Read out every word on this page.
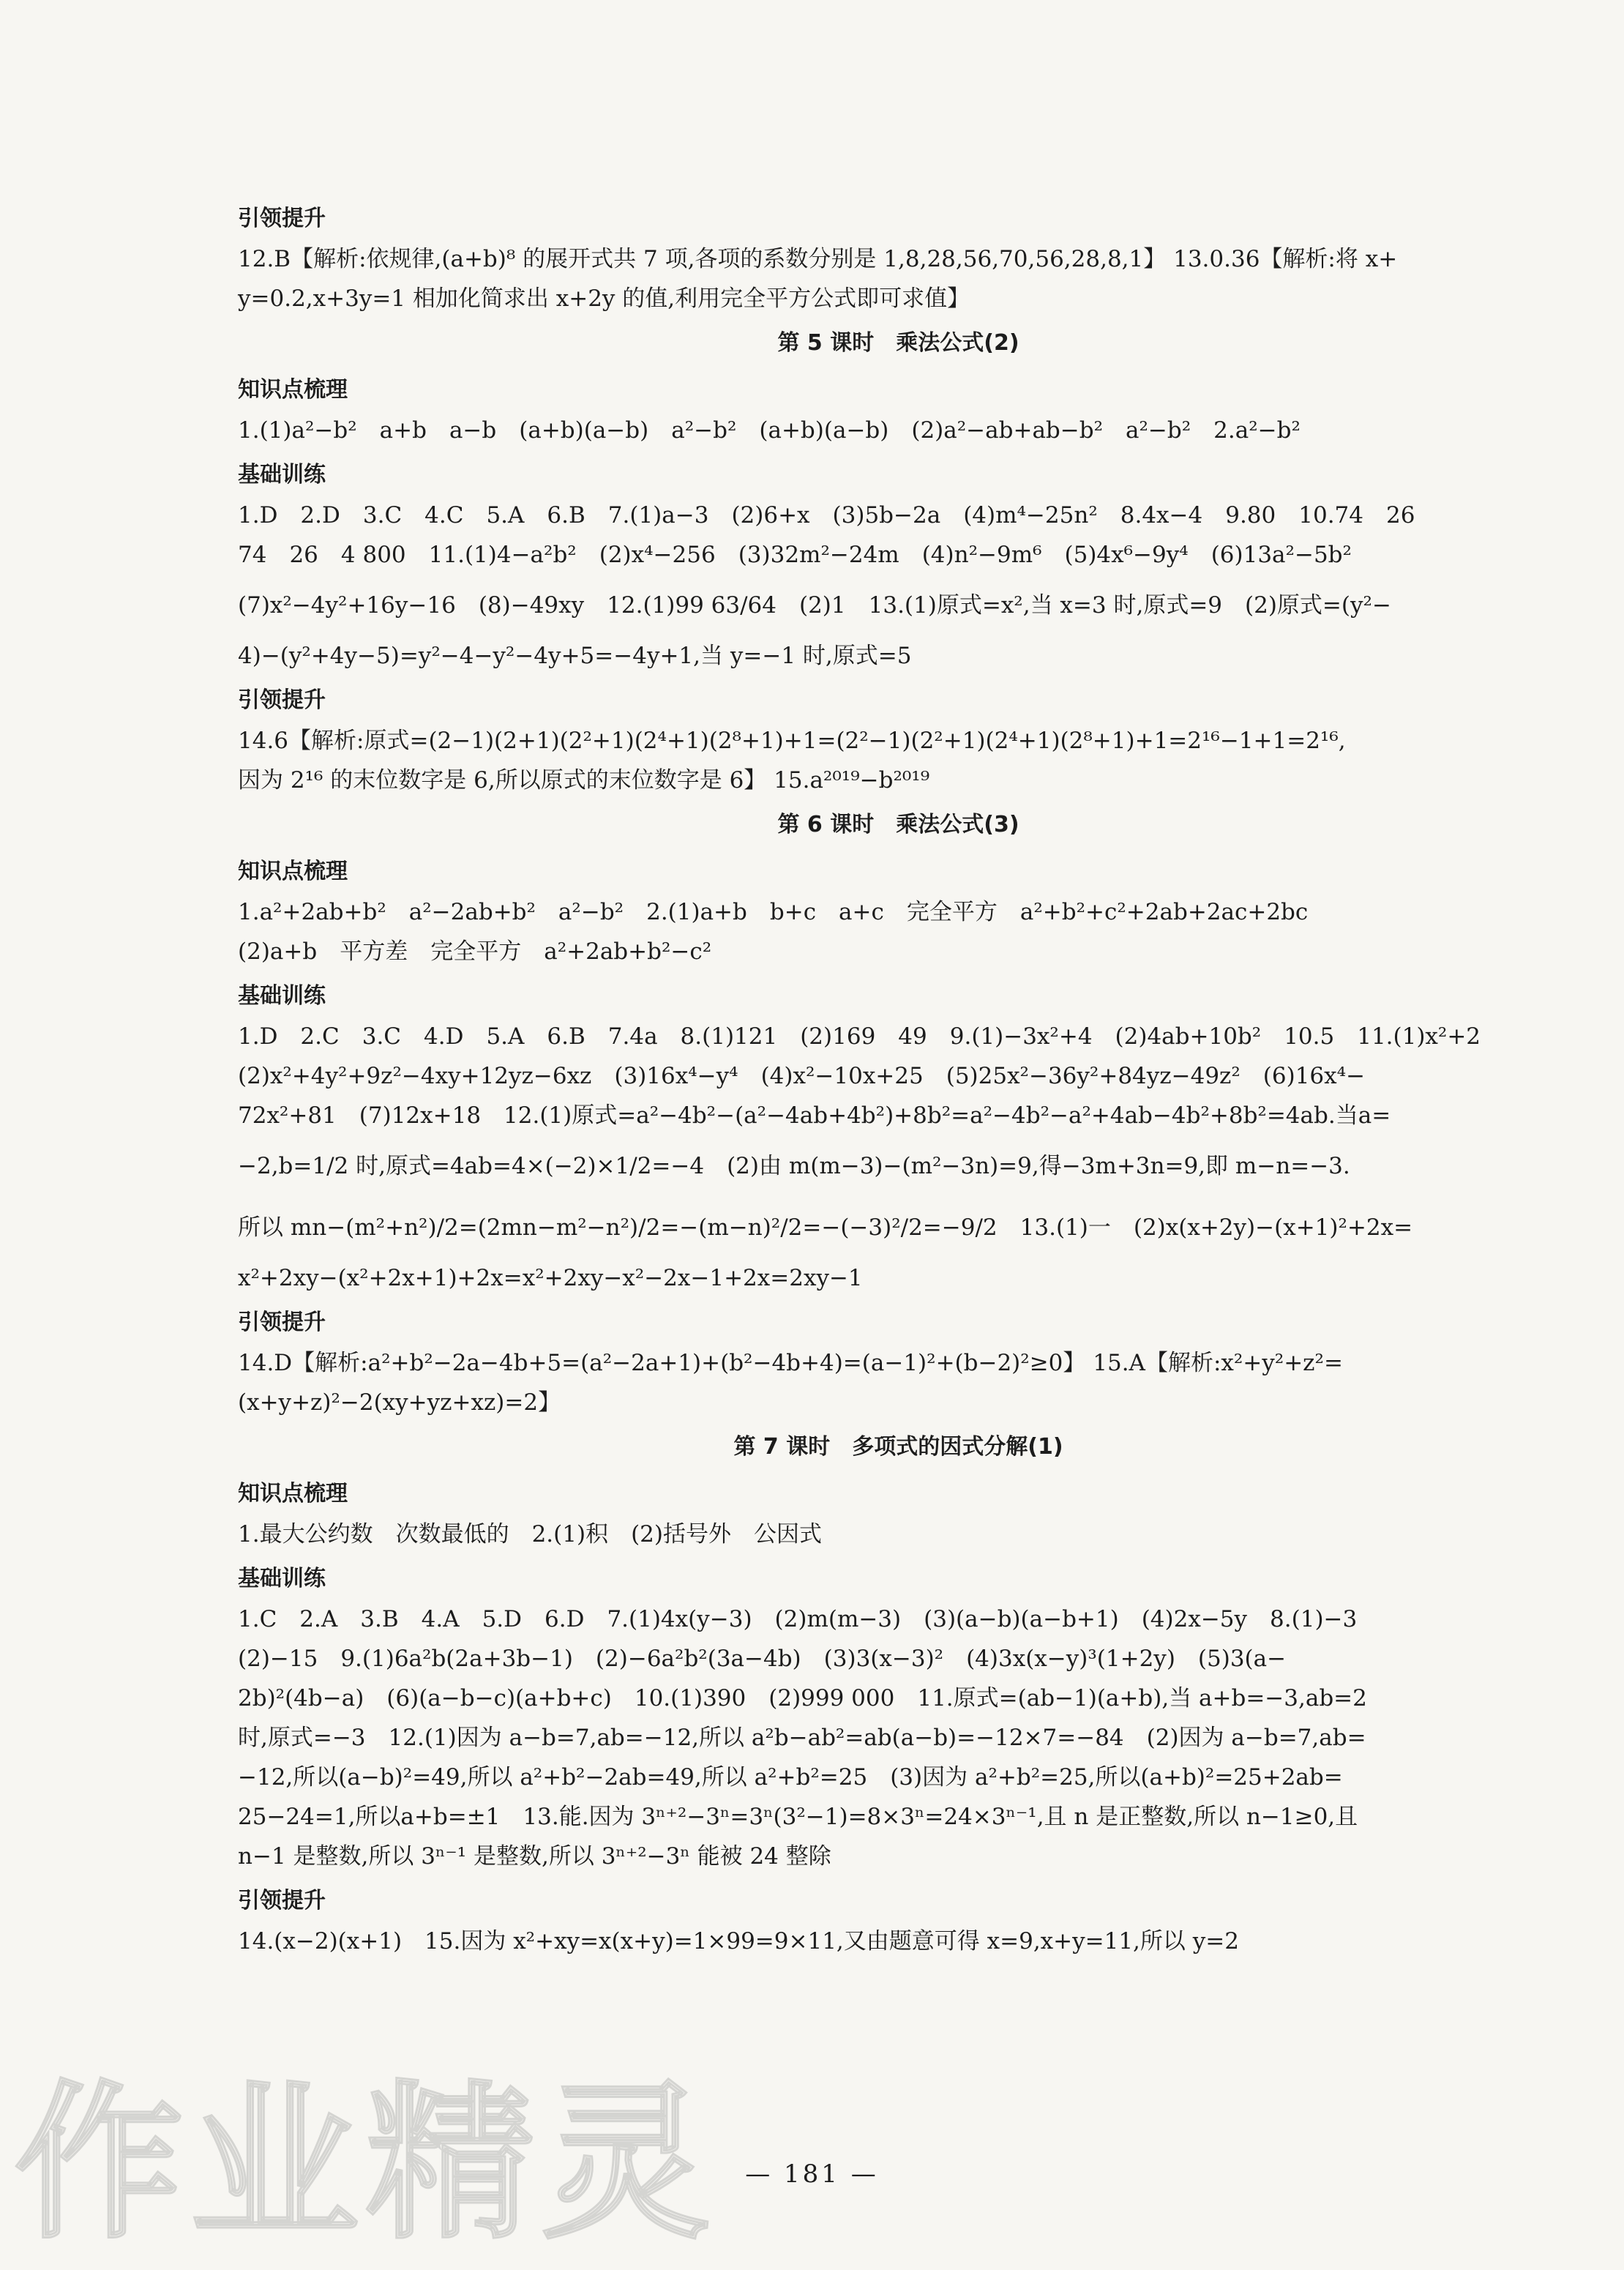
引领提升
12.B【解析:依规律,(a+b)⁸ 的展开式共 7 项,各项的系数分别是 1,8,28,56,70,56,28,8,1】 13.0.36【解析:将 x+
y=0.2,x+3y=1 相加化简求出 x+2y 的值,利用完全平方公式即可求值】
第 5 课时　乘法公式(2)
知识点梳理
1.(1)a²−b²　a+b　a−b　(a+b)(a−b)　a²−b²　(a+b)(a−b)　(2)a²−ab+ab−b²　a²−b²　2.a²−b²
基础训练
1.D　2.D　3.C　4.C　5.A　6.B　7.(1)a−3　(2)6+x　(3)5b−2a　(4)m⁴−25n²　8.4x−4　9.80　10.74　26
74　26　4 800　11.(1)4−a²b²　(2)x⁴−256　(3)32m²−24m　(4)n²−9m⁶　(5)4x⁶−9y⁴　(6)13a²−5b²
(7)x²−4y²+16y−16　(8)−49xy　12.(1)99 63/64　(2)1　13.(1)原式=x²,当 x=3 时,原式=9　(2)原式=(y²−
4)−(y²+4y−5)=y²−4−y²−4y+5=−4y+1,当 y=−1 时,原式=5
引领提升
14.6【解析:原式=(2−1)(2+1)(2²+1)(2⁴+1)(2⁸+1)+1=(2²−1)(2²+1)(2⁴+1)(2⁸+1)+1=2¹⁶−1+1=2¹⁶,
因为 2¹⁶ 的末位数字是 6,所以原式的末位数字是 6】 15.a²⁰¹⁹−b²⁰¹⁹
第 6 课时　乘法公式(3)
知识点梳理
1.a²+2ab+b²　a²−2ab+b²　a²−b²　2.(1)a+b　b+c　a+c　完全平方　a²+b²+c²+2ab+2ac+2bc
(2)a+b　平方差　完全平方　a²+2ab+b²−c²
基础训练
1.D　2.C　3.C　4.D　5.A　6.B　7.4a　8.(1)121　(2)169　49　9.(1)−3x²+4　(2)4ab+10b²　10.5　11.(1)x²+2
(2)x²+4y²+9z²−4xy+12yz−6xz　(3)16x⁴−y⁴　(4)x²−10x+25　(5)25x²−36y²+84yz−49z²　(6)16x⁴−
72x²+81　(7)12x+18　12.(1)原式=a²−4b²−(a²−4ab+4b²)+8b²=a²−4b²−a²+4ab−4b²+8b²=4ab.当a=
−2,b=1/2 时,原式=4ab=4×(−2)×1/2=−4　(2)由 m(m−3)−(m²−3n)=9,得−3m+3n=9,即 m−n=−3.
所以 mn−(m²+n²)/2=(2mn−m²−n²)/2=−(m−n)²/2=−(−3)²/2=−9/2　13.(1)一　(2)x(x+2y)−(x+1)²+2x=
x²+2xy−(x²+2x+1)+2x=x²+2xy−x²−2x−1+2x=2xy−1
引领提升
14.D【解析:a²+b²−2a−4b+5=(a²−2a+1)+(b²−4b+4)=(a−1)²+(b−2)²≥0】 15.A【解析:x²+y²+z²=
(x+y+z)²−2(xy+yz+xz)=2】
第 7 课时　多项式的因式分解(1)
知识点梳理
1.最大公约数　次数最低的　2.(1)积　(2)括号外　公因式
基础训练
1.C　2.A　3.B　4.A　5.D　6.D　7.(1)4x(y−3)　(2)m(m−3)　(3)(a−b)(a−b+1)　(4)2x−5y　8.(1)−3
(2)−15　9.(1)6a²b(2a+3b−1)　(2)−6a²b²(3a−4b)　(3)3(x−3)²　(4)3x(x−y)³(1+2y)　(5)3(a−
2b)²(4b−a)　(6)(a−b−c)(a+b+c)　10.(1)390　(2)999 000　11.原式=(ab−1)(a+b),当 a+b=−3,ab=2
时,原式=−3　12.(1)因为 a−b=7,ab=−12,所以 a²b−ab²=ab(a−b)=−12×7=−84　(2)因为 a−b=7,ab=
−12,所以(a−b)²=49,所以 a²+b²−2ab=49,所以 a²+b²=25　(3)因为 a²+b²=25,所以(a+b)²=25+2ab=
25−24=1,所以a+b=±1　13.能.因为 3ⁿ⁺²−3ⁿ=3ⁿ(3²−1)=8×3ⁿ=24×3ⁿ⁻¹,且 n 是正整数,所以 n−1≥0,且
n−1 是整数,所以 3ⁿ⁻¹ 是整数,所以 3ⁿ⁺²−3ⁿ 能被 24 整除
引领提升
14.(x−2)(x+1)　15.因为 x²+xy=x(x+y)=1×99=9×11,又由题意可得 x=9,x+y=11,所以 y=2
作业精灵	— 181 —
